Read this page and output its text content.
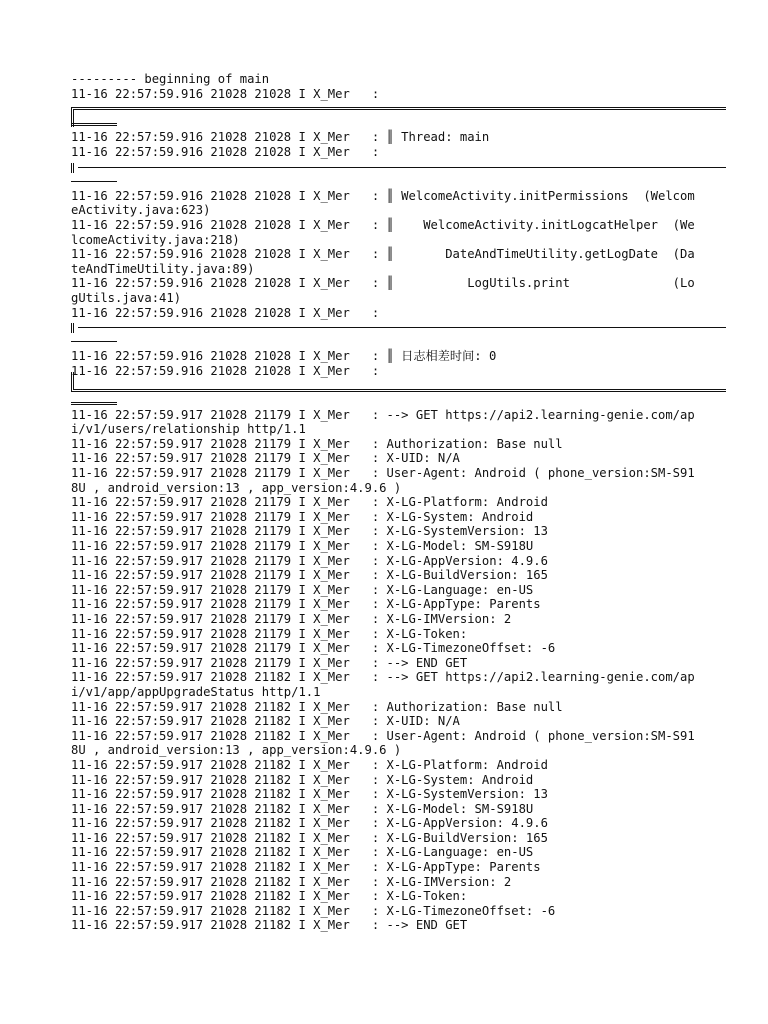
--------- beginning of main
11-16 22:57:59.916 21028 21028 I X_Mer   :
11-16 22:57:59.916 21028 21028 I X_Mer   : ║ Thread: main
11-16 22:57:59.916 21028 21028 I X_Mer   :
11-16 22:57:59.916 21028 21028 I X_Mer   : ║ WelcomeActivity.initPermissions  (WelcomeActivity.java:623)
11-16 22:57:59.916 21028 21028 I X_Mer   : ║    WelcomeActivity.initLogcatHelper  (WelcomeActivity.java:218)
11-16 22:57:59.916 21028 21028 I X_Mer   : ║       DateAndTimeUtility.getLogDate  (DateAndTimeUtility.java:89)
11-16 22:57:59.916 21028 21028 I X_Mer   : ║          LogUtils.print              (LogUtils.java:41)
11-16 22:57:59.916 21028 21028 I X_Mer   :
11-16 22:57:59.916 21028 21028 I X_Mer   : ║ 日志相差时间: 0
11-16 22:57:59.916 21028 21028 I X_Mer   :
11-16 22:57:59.917 21028 21179 I X_Mer   : --> GET https://api2.learning-genie.com/api/v1/users/relationship http/1.1
11-16 22:57:59.917 21028 21179 I X_Mer   : Authorization: Base null
11-16 22:57:59.917 21028 21179 I X_Mer   : X-UID: N/A
11-16 22:57:59.917 21028 21179 I X_Mer   : User-Agent: Android ( phone_version:SM-S918U , android_version:13 , app_version:4.9.6 )
11-16 22:57:59.917 21028 21179 I X_Mer   : X-LG-Platform: Android
11-16 22:57:59.917 21028 21179 I X_Mer   : X-LG-System: Android
11-16 22:57:59.917 21028 21179 I X_Mer   : X-LG-SystemVersion: 13
11-16 22:57:59.917 21028 21179 I X_Mer   : X-LG-Model: SM-S918U
11-16 22:57:59.917 21028 21179 I X_Mer   : X-LG-AppVersion: 4.9.6
11-16 22:57:59.917 21028 21179 I X_Mer   : X-LG-BuildVersion: 165
11-16 22:57:59.917 21028 21179 I X_Mer   : X-LG-Language: en-US
11-16 22:57:59.917 21028 21179 I X_Mer   : X-LG-AppType: Parents
11-16 22:57:59.917 21028 21179 I X_Mer   : X-LG-IMVersion: 2
11-16 22:57:59.917 21028 21179 I X_Mer   : X-LG-Token:
11-16 22:57:59.917 21028 21179 I X_Mer   : X-LG-TimezoneOffset: -6
11-16 22:57:59.917 21028 21179 I X_Mer   : --> END GET
11-16 22:57:59.917 21028 21182 I X_Mer   : --> GET https://api2.learning-genie.com/api/v1/app/appUpgradeStatus http/1.1
11-16 22:57:59.917 21028 21182 I X_Mer   : Authorization: Base null
11-16 22:57:59.917 21028 21182 I X_Mer   : X-UID: N/A
11-16 22:57:59.917 21028 21182 I X_Mer   : User-Agent: Android ( phone_version:SM-S918U , android_version:13 , app_version:4.9.6 )
11-16 22:57:59.917 21028 21182 I X_Mer   : X-LG-Platform: Android
11-16 22:57:59.917 21028 21182 I X_Mer   : X-LG-System: Android
11-16 22:57:59.917 21028 21182 I X_Mer   : X-LG-SystemVersion: 13
11-16 22:57:59.917 21028 21182 I X_Mer   : X-LG-Model: SM-S918U
11-16 22:57:59.917 21028 21182 I X_Mer   : X-LG-AppVersion: 4.9.6
11-16 22:57:59.917 21028 21182 I X_Mer   : X-LG-BuildVersion: 165
11-16 22:57:59.917 21028 21182 I X_Mer   : X-LG-Language: en-US
11-16 22:57:59.917 21028 21182 I X_Mer   : X-LG-AppType: Parents
11-16 22:57:59.917 21028 21182 I X_Mer   : X-LG-IMVersion: 2
11-16 22:57:59.917 21028 21182 I X_Mer   : X-LG-Token:
11-16 22:57:59.917 21028 21182 I X_Mer   : X-LG-TimezoneOffset: -6
11-16 22:57:59.917 21028 21182 I X_Mer   : --> END GET
